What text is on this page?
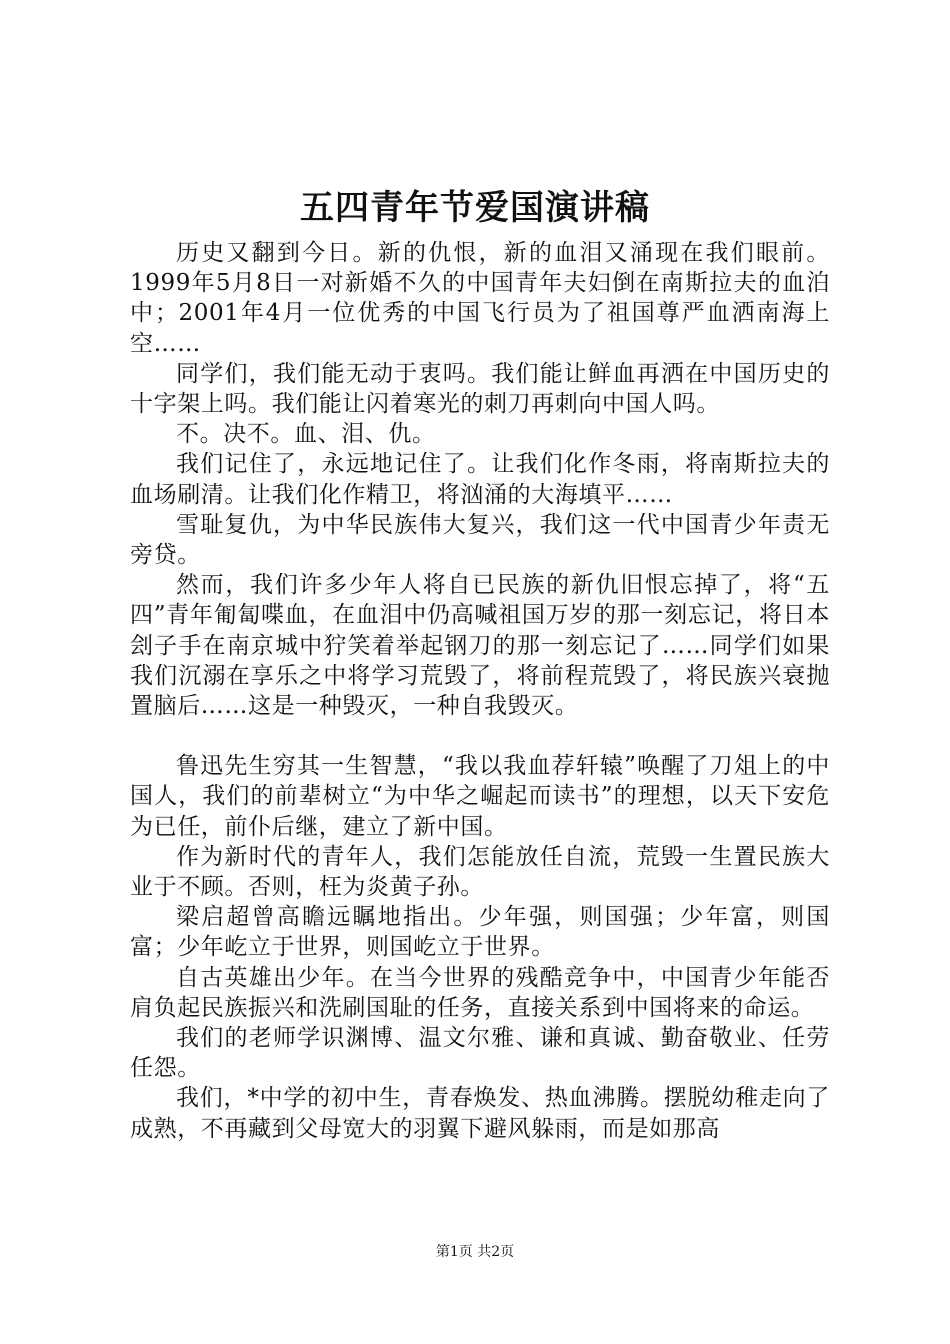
五四青年节爱国演讲稿

历史又翻到今日。新的仇恨，新的血泪又涌现在我们眼前。1999年5月8日一对新婚不久的中国青年夫妇倒在南斯拉夫的血泊中；2001年4月一位优秀的中国飞行员为了祖国尊严血洒南海上空……

同学们，我们能无动于衷吗。我们能让鲜血再洒在中国历史的十字架上吗。我们能让闪着寒光的刺刀再刺向中国人吗。

不。决不。血、泪、仇。

我们记住了，永远地记住了。让我们化作冬雨，将南斯拉夫的血场刷清。让我们化作精卫，将汹涌的大海填平……

雪耻复仇，为中华民族伟大复兴，我们这一代中国青少年责无旁贷。

然而，我们许多少年人将自已民族的新仇旧恨忘掉了，将“五四”青年匍匐喋血，在血泪中仍高喊祖国万岁的那一刻忘记，将日本刽子手在南京城中狞笑着举起钢刀的那一刻忘记了……同学们如果我们沉溺在享乐之中将学习荒毁了，将前程荒毁了，将民族兴衰抛置脑后……这是一种毁灭，一种自我毁灭。

鲁迅先生穷其一生智慧，“我以我血荐轩辕”唤醒了刀俎上的中国人，我们的前辈树立“为中华之崛起而读书”的理想，以天下安危为已任，前仆后继，建立了新中国。

作为新时代的青年人，我们怎能放任自流，荒毁一生置民族大业于不顾。否则，枉为炎黄子孙。

梁启超曾高瞻远瞩地指出。少年强，则国强；少年富，则国富；少年屹立于世界，则国屹立于世界。

自古英雄出少年。在当今世界的残酷竞争中，中国青少年能否肩负起民族振兴和洗刷国耻的任务，直接关系到中国将来的命运。

我们的老师学识渊博、温文尔雅、谦和真诚、勤奋敬业、任劳任怨。

我们，*中学的初中生，青春焕发、热血沸腾。摆脱幼稚走向了成熟，不再藏到父母宽大的羽翼下避风躲雨，而是如那高

第1页 共2页
